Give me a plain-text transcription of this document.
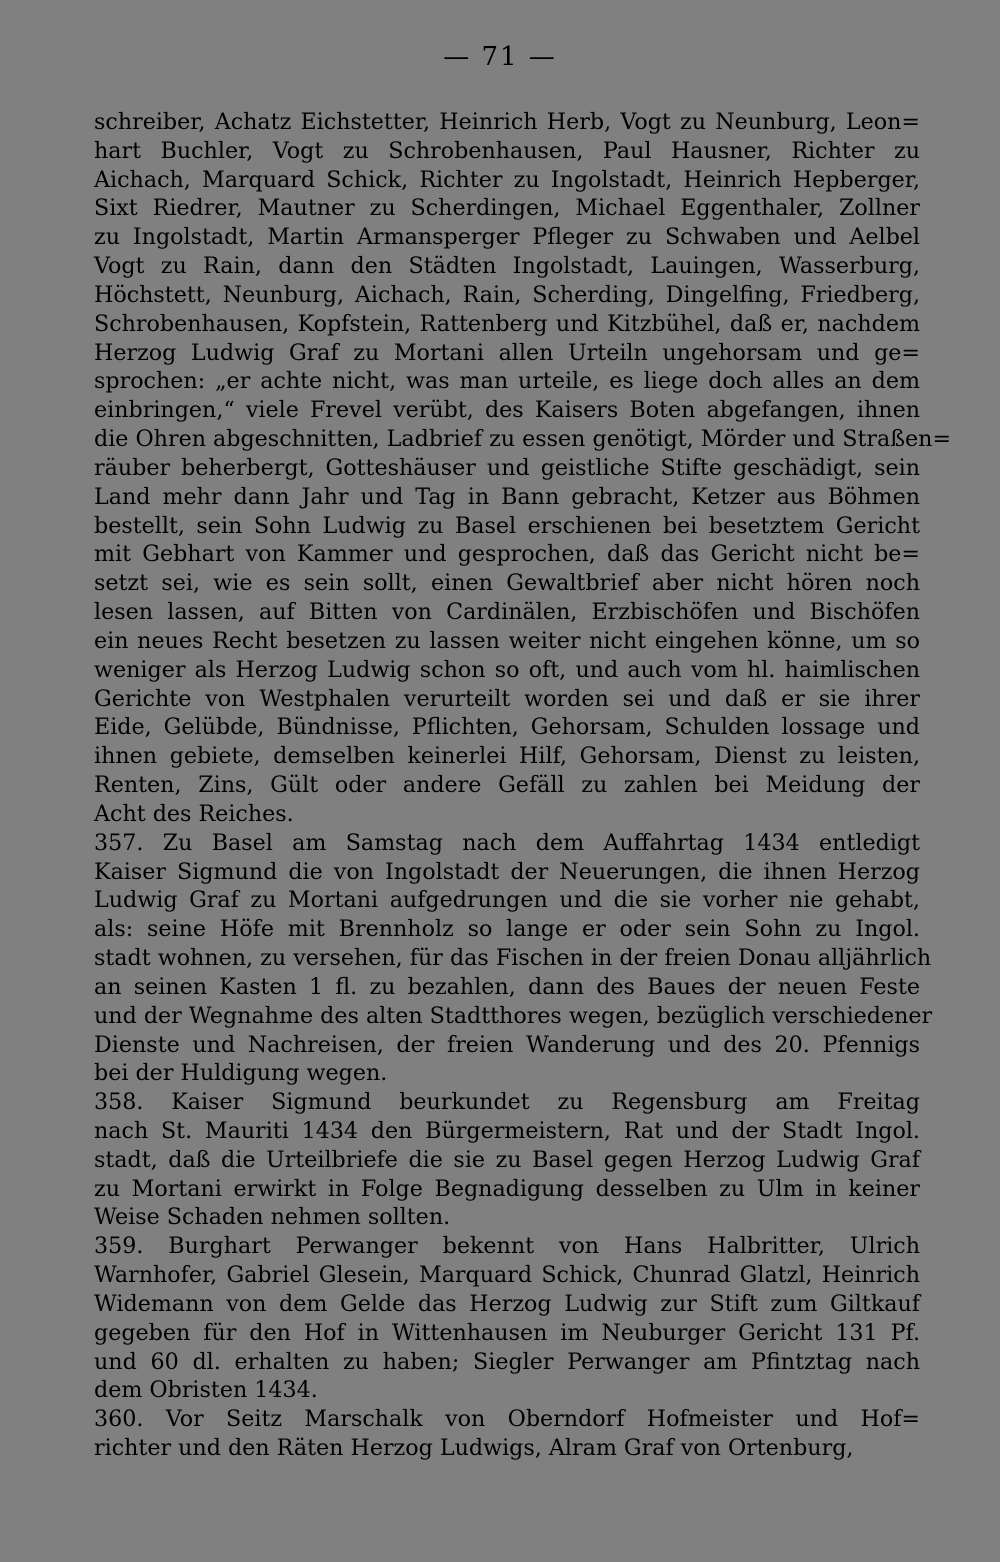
— 71 —
schreiber, Achatz Eichstetter, Heinrich Herb, Vogt zu Neunburg, Leon=
hart Buchler, Vogt zu Schrobenhausen, Paul Hausner, Richter zu
Aichach, Marquard Schick, Richter zu Ingolstadt, Heinrich Hepberger,
Sixt Riedrer, Mautner zu Scherdingen, Michael Eggenthaler, Zollner
zu Ingolstadt, Martin Armansperger Pfleger zu Schwaben und Aelbel
Vogt zu Rain, dann den Städten Ingolstadt, Lauingen, Wasserburg,
Höchstett, Neunburg, Aichach, Rain, Scherding, Dingelfing, Friedberg,
Schrobenhausen, Kopfstein, Rattenberg und Kitzbühel, daß er, nachdem
Herzog Ludwig Graf zu Mortani allen Urteiln ungehorsam und ge=
sprochen: „er achte nicht, was man urteile, es liege doch alles an dem
einbringen,“ viele Frevel verübt, des Kaisers Boten abgefangen, ihnen
die Ohren abgeschnitten, Ladbrief zu essen genötigt, Mörder und Straßen=
räuber beherbergt, Gotteshäuser und geistliche Stifte geschädigt, sein
Land mehr dann Jahr und Tag in Bann gebracht, Ketzer aus Böhmen
bestellt, sein Sohn Ludwig zu Basel erschienen bei besetztem Gericht
mit Gebhart von Kammer und gesprochen, daß das Gericht nicht be=
setzt sei, wie es sein sollt, einen Gewaltbrief aber nicht hören noch
lesen lassen, auf Bitten von Cardinälen, Erzbischöfen und Bischöfen
ein neues Recht besetzen zu lassen weiter nicht eingehen könne, um so
weniger als Herzog Ludwig schon so oft, und auch vom hl. haimlischen
Gerichte von Westphalen verurteilt worden sei und daß er sie ihrer
Eide, Gelübde, Bündnisse, Pflichten, Gehorsam, Schulden lossage und
ihnen gebiete, demselben keinerlei Hilf, Gehorsam, Dienst zu leisten,
Renten, Zins, Gült oder andere Gefäll zu zahlen bei Meidung der
Acht des Reiches.
357. Zu Basel am Samstag nach dem Auffahrtag 1434 entledigt
Kaiser Sigmund die von Ingolstadt der Neuerungen, die ihnen Herzog
Ludwig Graf zu Mortani aufgedrungen und die sie vorher nie gehabt,
als: seine Höfe mit Brennholz so lange er oder sein Sohn zu Ingol.
stadt wohnen, zu versehen, für das Fischen in der freien Donau alljährlich
an seinen Kasten 1 fl. zu bezahlen, dann des Baues der neuen Feste
und der Wegnahme des alten Stadtthores wegen, bezüglich verschiedener
Dienste und Nachreisen, der freien Wanderung und des 20. Pfennigs
bei der Huldigung wegen.
358. Kaiser Sigmund beurkundet zu Regensburg am Freitag
nach St. Mauriti 1434 den Bürgermeistern, Rat und der Stadt Ingol.
stadt, daß die Urteilbriefe die sie zu Basel gegen Herzog Ludwig Graf
zu Mortani erwirkt in Folge Begnadigung desselben zu Ulm in keiner
Weise Schaden nehmen sollten.
359. Burghart Perwanger bekennt von Hans Halbritter, Ulrich
Warnhofer, Gabriel Glesein, Marquard Schick, Chunrad Glatzl, Heinrich
Widemann von dem Gelde das Herzog Ludwig zur Stift zum Giltkauf
gegeben für den Hof in Wittenhausen im Neuburger Gericht 131 Pf.
und 60 dl. erhalten zu haben; Siegler Perwanger am Pfintztag nach
dem Obristen 1434.
360. Vor Seitz Marschalk von Oberndorf Hofmeister und Hof=
richter und den Räten Herzog Ludwigs, Alram Graf von Ortenburg,
